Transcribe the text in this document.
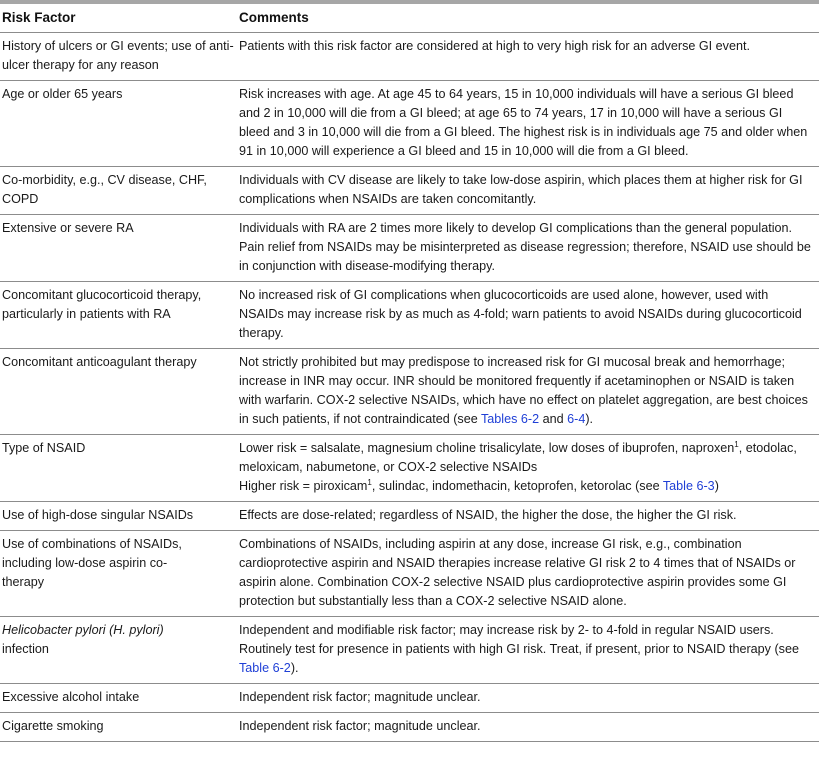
Risk Factor	Comments
History of ulcers or GI events; use of anti-ulcer therapy for any reason	Patients with this risk factor are considered at high to very high risk for an adverse GI event.
Age or older 65 years	Risk increases with age. At age 45 to 64 years, 15 in 10,000 individuals will have a serious GI bleed and 2 in 10,000 will die from a GI bleed; at age 65 to 74 years, 17 in 10,000 will have a serious GI bleed and 3 in 10,000 will die from a GI bleed. The highest risk is in individuals age 75 and older when 91 in 10,000 will experience a GI bleed and 15 in 10,000 will die from a GI bleed.
Co-morbidity, e.g., CV disease, CHF, COPD	Individuals with CV disease are likely to take low-dose aspirin, which places them at higher risk for GI complications when NSAIDs are taken concomitantly.
Extensive or severe RA	Individuals with RA are 2 times more likely to develop GI complications than the general population. Pain relief from NSAIDs may be misinterpreted as disease regression; therefore, NSAID use should be in conjunction with disease-modifying therapy.
Concomitant glucocorticoid therapy, particularly in patients with RA	No increased risk of GI complications when glucocorticoids are used alone, however, used with NSAIDs may increase risk by as much as 4-fold; warn patients to avoid NSAIDs during glucocorticoid therapy.
Concomitant anticoagulant therapy	Not strictly prohibited but may predispose to increased risk for GI mucosal break and hemorrhage; increase in INR may occur. INR should be monitored frequently if acetaminophen or NSAID is taken with warfarin. COX-2 selective NSAIDs, which have no effect on platelet aggregation, are best choices in such patients, if not contraindicated (see Tables 6-2 and 6-4).
Type of NSAID	Lower risk = salsalate, magnesium choline trisalicylate, low doses of ibuprofen, naproxen$^1$, etodolac, meloxicam, nabumetone, or COX-2 selective NSAIDs
Higher risk = piroxicam$^1$, sulindac, indomethacin, ketoprofen, ketorolac (see Table 6-3)

Use of high-dose singular NSAIDs	Effects are dose-related; regardless of NSAID, the higher the dose, the higher the GI risk.
Use of combinations of NSAIDs, including low-dose aspirin co-therapy	Combinations of NSAIDs, including aspirin at any dose, increase GI risk, e.g., combination cardioprotective aspirin and NSAID therapies increase relative GI risk 2 to 4 times that of NSAIDs or aspirin alone. Combination COX-2 selective NSAID plus cardioprotective aspirin provides some GI protection but substantially less than a COX-2 selective NSAID alone.
Helicobacter pylori (H. pylori)
infection	Independent and modifiable risk factor; may increase risk by 2- to 4-fold in regular NSAID users. Routinely test for presence in patients with high GI risk. Treat, if present, prior to NSAID therapy (see Table 6-2).
Excessive alcohol intake	Independent risk factor; magnitude unclear.
Cigarette smoking	Independent risk factor; magnitude unclear.
